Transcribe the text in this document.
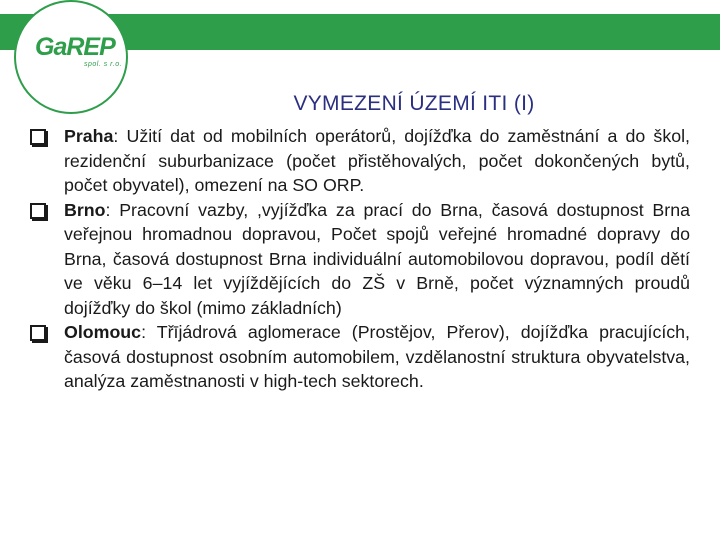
GaREP
spol. s r.o.
VYMEZENÍ ÚZEMÍ ITI (I)
Praha: Užití dat od mobilních operátorů, dojížďka do zaměstnání a do škol, rezidenční suburbanizace (počet přistěhovalých, počet dokončených bytů, počet obyvatel), omezení na SO ORP.
Brno: Pracovní vazby, ,vyjížďka za prací do Brna, časová dostupnost Brna veřejnou hromadnou dopravou, Počet spojů veřejné hromadné dopravy do Brna, časová dostupnost Brna individuální automobilovou dopravou, podíl dětí ve věku 6–14 let vyjíždějících do ZŠ v Brně, počet významných proudů dojížďky do škol (mimo základních)
Olomouc: Třījádrová aglomerace (Prostějov, Přerov), dojížďka pracujících, časová dostupnost osobním automobilem, vzdělanostní struktura obyvatelstva, analýza zaměstnanosti v high-tech sektorech.
